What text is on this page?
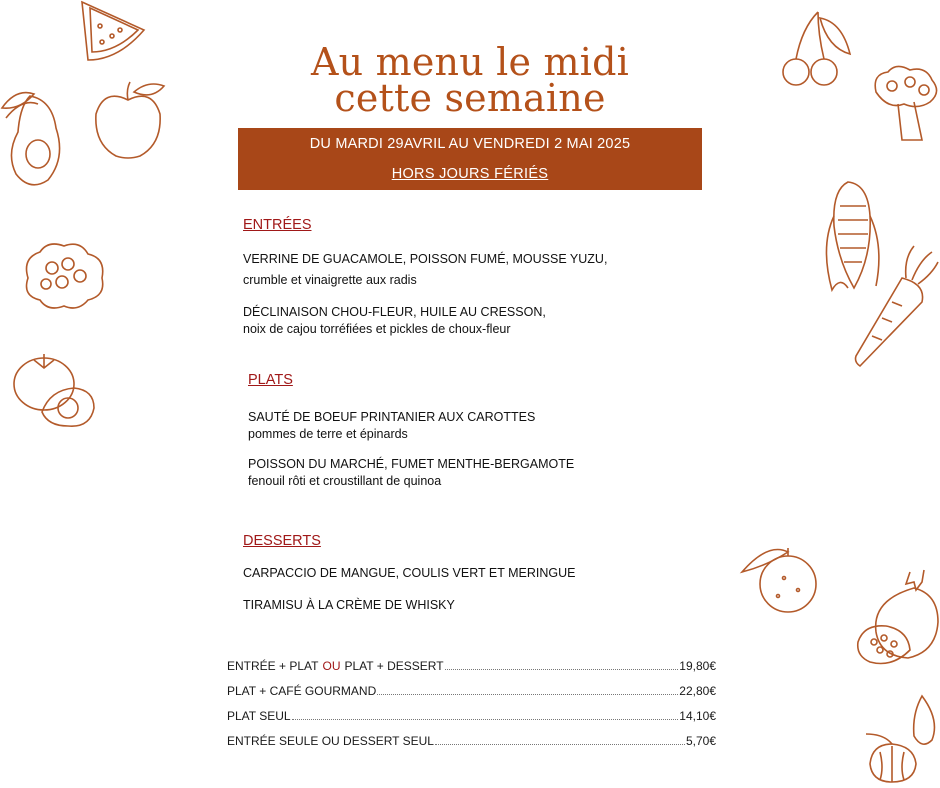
Au menu le midi
cette semaine
DU MARDI 29AVRIL AU VENDREDI 2 MAI 2025
HORS JOURS FÉRIÉS
ENTRÉES
VERRINE DE GUACAMOLE, POISSON FUMÉ, MOUSSE YUZU,
crumble et vinaigrette aux radis
DÉCLINAISON CHOU-FLEUR, HUILE AU CRESSON,
noix de cajou torréfiées et pickles de choux-fleur
PLATS
SAUTÉ DE BOEUF PRINTANIER AUX CAROTTES
pommes de terre et épinards
POISSON DU MARCHÉ, FUMET MENTHE-BERGAMOTE
fenouil rôti et croustillant de quinoa
DESSERTS
CARPACCIO DE MANGUE, COULIS VERT ET MERINGUE
TIRAMISU À LA CRÈME DE WHISKY
ENTRÉE + PLAT OU PLAT + DESSERT	19,80€
PLAT + CAFÉ GOURMAND	22,80€
PLAT SEUL	14,10€
ENTRÉE SEULE OU DESSERT SEUL	5,70€
